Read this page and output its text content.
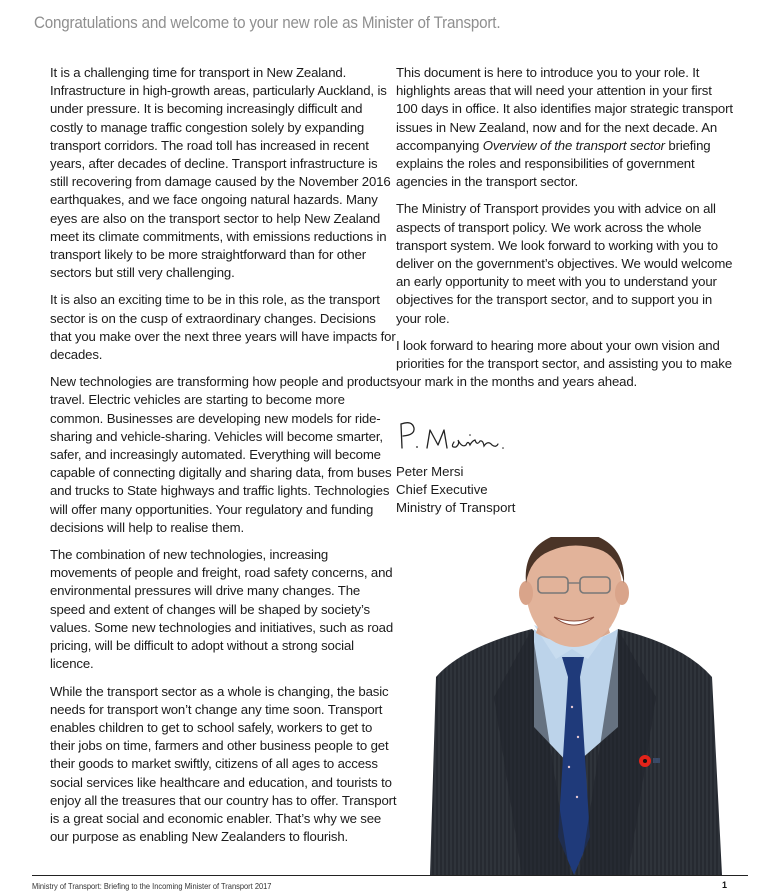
Congratulations and welcome to your new role as Minister of Transport.

It is a challenging time for transport in New Zealand. Infrastructure in high-growth areas, particularly Auckland, is under pressure. It is becoming increasingly difficult and costly to manage traffic congestion solely by expanding transport corridors. The road toll has increased in recent years, after decades of decline. Transport infrastructure is still recovering from damage caused by the November 2016 earthquakes, and we face ongoing natural hazards. Many eyes are also on the transport sector to help New Zealand meet its climate commitments, with emissions reductions in transport likely to be more straightforward than for other sectors but still very challenging.

It is also an exciting time to be in this role, as the transport sector is on the cusp of extraordinary changes. Decisions that you make over the next three years will have impacts for decades.

New technologies are transforming how people and products travel. Electric vehicles are starting to become more common. Businesses are developing new models for ride-sharing and vehicle-sharing. Vehicles will become smarter, safer, and increasingly automated. Everything will become capable of connecting digitally and sharing data, from buses and trucks to State highways and traffic lights. Technologies will offer many opportunities. Your regulatory and funding decisions will help to realise them.

The combination of new technologies, increasing movements of people and freight, road safety concerns, and environmental pressures will drive many changes. The speed and extent of changes will be shaped by society’s values. Some new technologies and initiatives, such as road pricing, will be difficult to adopt without a strong social licence.

While the transport sector as a whole is changing, the basic needs for transport won’t change any time soon. Transport enables children to get to school safely, workers to get to their jobs on time, farmers and other business people to get their goods to market swiftly, citizens of all ages to access social services like healthcare and education, and tourists to enjoy all the treasures that our country has to offer. Transport is a great social and economic enabler. That’s why we see our purpose as enabling New Zealanders to flourish.

This document is here to introduce you to your role. It highlights areas that will need your attention in your first 100 days in office. It also identifies major strategic transport issues in New Zealand, now and for the next decade. An accompanying Overview of the transport sector briefing explains the roles and responsibilities of government agencies in the transport sector.

The Ministry of Transport provides you with advice on all aspects of transport policy. We work across the whole transport system. We look forward to working with you to deliver on the government’s objectives. We would welcome an early opportunity to meet with you to understand your objectives for the transport sector, and to support you in your role.

I look forward to hearing more about your own vision and priorities for the transport sector, and assisting you to make your mark in the months and years ahead.

Peter Mersi
Chief Executive
Ministry of Transport
Ministry of Transport: Briefing to the Incoming Minister of Transport 2017	1
